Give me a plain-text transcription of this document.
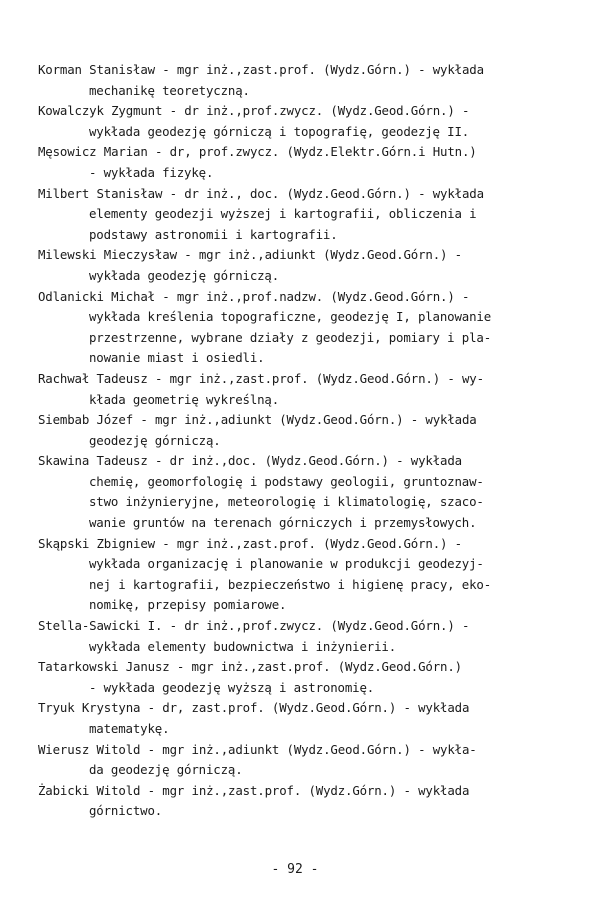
Korman Stanisław - mgr inż.,zast.prof. (Wydz.Górn.) - wykłada
mechanikę teoretyczną.

Kowalczyk Zygmunt - dr inż.,prof.zwycz. (Wydz.Geod.Górn.) -
wykłada geodezję górniczą i topografię, geodezję II.

Męsowicz Marian - dr, prof.zwycz. (Wydz.Elektr.Górn.i Hutn.)
- wykłada fizykę.

Milbert Stanisław - dr inż., doc. (Wydz.Geod.Górn.) - wykłada
elementy geodezji wyższej i kartografii, obliczenia i
podstawy astronomii i kartografii.

Milewski Mieczysław - mgr inż.,adiunkt (Wydz.Geod.Górn.) -
wykłada geodezję górniczą.

Odlanicki Michał - mgr inż.,prof.nadzw. (Wydz.Geod.Górn.) -
wykłada kreślenia topograficzne, geodezję I, planowanie
przestrzenne, wybrane działy z geodezji, pomiary i pla-
nowanie miast i osiedli.

Rachwał Tadeusz - mgr inż.,zast.prof. (Wydz.Geod.Górn.) - wy-
kłada geometrię wykreślną.

Siembab Józef - mgr inż.,adiunkt (Wydz.Geod.Górn.) - wykłada
geodezję górniczą.

Skawina Tadeusz - dr inż.,doc. (Wydz.Geod.Górn.) - wykłada
chemię, geomorfologię i podstawy geologii, gruntoznaw-
stwo inżynieryjne, meteorologię i klimatologię, szaco-
wanie gruntów na terenach górniczych i przemysłowych.

Skąpski Zbigniew - mgr inż.,zast.prof. (Wydz.Geod.Górn.) -
wykłada organizację i planowanie w produkcji geodezyj-
nej i kartografii, bezpieczeństwo i higienę pracy, eko-
nomikę, przepisy pomiarowe.

Stella-Sawicki I. - dr inż.,prof.zwycz. (Wydz.Geod.Górn.) -
wykłada elementy budownictwa i inżynierii.

Tatarkowski Janusz - mgr inż.,zast.prof. (Wydz.Geod.Górn.)
- wykłada geodezję wyższą i astronomię.

Tryuk Krystyna - dr, zast.prof. (Wydz.Geod.Górn.) - wykłada
matematykę.

Wierusz Witold - mgr inż.,adiunkt (Wydz.Geod.Górn.) - wykła-
da geodezję górniczą.

Żabicki Witold - mgr inż.,zast.prof. (Wydz.Górn.) - wykłada
górnictwo.

- 92 -
